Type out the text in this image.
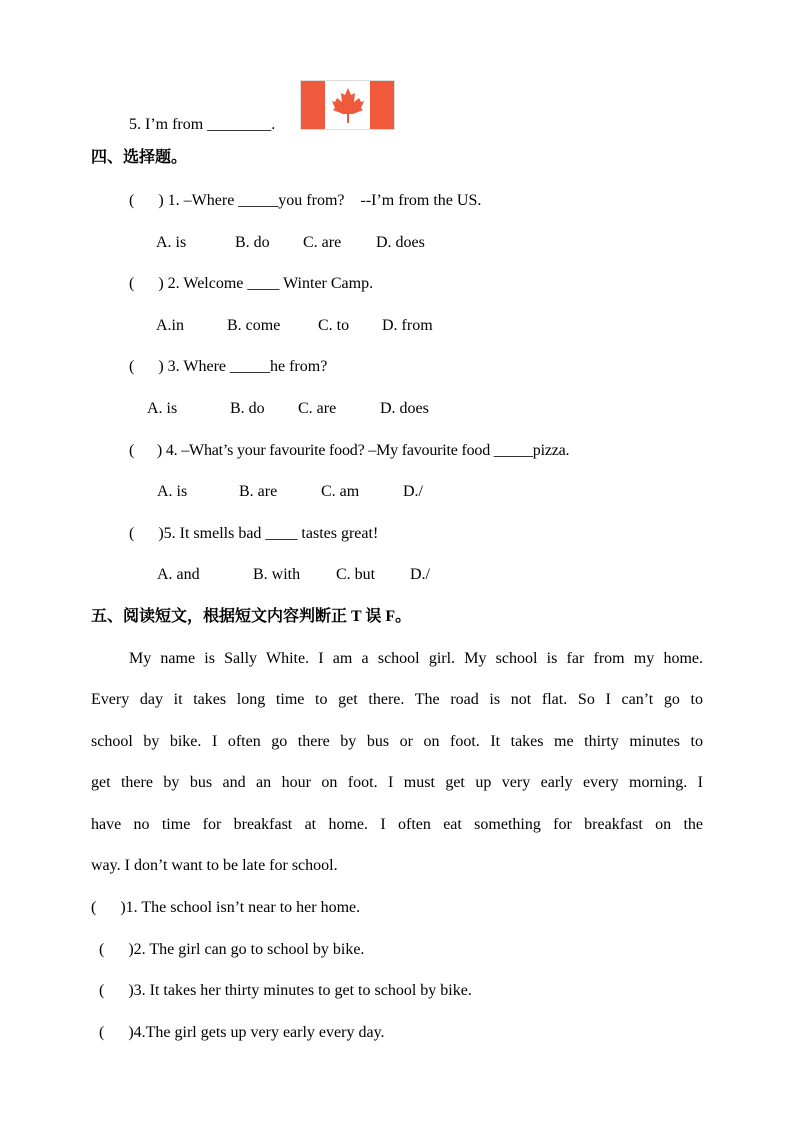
5. I’m from ________.
四、选择题。
(      ) 1. –Where _____you from?    --I’m from the US.
A. is	B. do C. are D. does
(      ) 2. Welcome ____ Winter Camp.
A.in	B. come C. to D. from
(      ) 3. Where _____he from?
A. is	B. do C. are	D. does
(      ) 4. –What’s your favourite food? –My favourite food _____pizza.
A. is	B. are	C. am	D./
(      )5. It smells bad ____ tastes great!
A. and	B. with C. but D./
五、阅读短文，根据短文内容判断正 T 误 F。
My name is Sally White. I am a school girl. My school is far from my home.
Every day it takes long time to get there. The road is not flat. So I can’t go to
school by bike. I often go there by bus or on foot. It takes me thirty minutes to
get there by bus and an hour on foot. I must get up very early every morning. I
have no time for breakfast at home. I often eat something for breakfast on the
way. I don’t want to be late for school.
(      )1. The school isn’t near to her home.
(      )2. The girl can go to school by bike.
(      )3. It takes her thirty minutes to get to school by bike.
(      )4.The girl gets up very early every day.
